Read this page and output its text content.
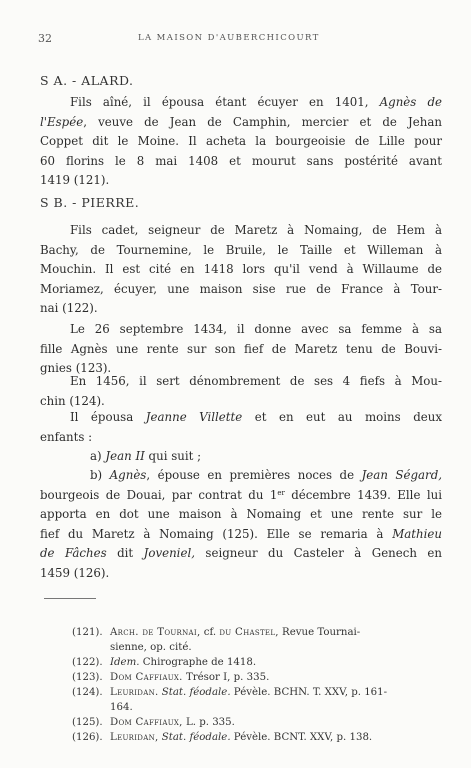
32	LA MAISON D'AUBERCHICOURT
S A. - ALARD.
Fils aîné, il épousa étant écuyer en 1401, Agnès de
l'Espée, veuve de Jean de Camphin, mercier et de Jehan
Coppet dit le Moine. Il acheta la bourgeoisie de Lille pour
60 florins le 8 mai 1408 et mourut sans postérité avant
1419 (121).
S B. - PIERRE.
Fils cadet, seigneur de Maretz à Nomaing, de Hem à
Bachy, de Tournemine, le Bruile, le Taille et Willeman à
Mouchin. Il est cité en 1418 lors qu'il vend à Willaume de
Moriamez, écuyer, une maison sise rue de France à Tour-
nai (122).
Le 26 septembre 1434, il donne avec sa femme à sa
fille Agnès une rente sur son fief de Maretz tenu de Bouvi-
gnies (123).
En 1456, il sert dénombrement de ses 4 fiefs à Mou-
chin (124).
Il épousa Jeanne Villette et en eut au moins deux
enfants :
a) Jean II qui suit ;
b) Agnès, épouse en premières noces de Jean Ségard,
bourgeois de Douai, par contrat du 1er décembre 1439. Elle lui
apporta en dot une maison à Nomaing et une rente sur le
fief du Maretz à Nomaing (125). Elle se remaria à Mathieu
de Fâches dit Joveniel, seigneur du Casteler à Genech en
1459 (126).
(121). Arch. de Tournai, cf. du Chastel, Revue Tournai-
sienne, op. cité.
(122). Idem. Chirographe de 1418.
(123). Dom Caffiaux. Trésor I, p. 335.
(124). Leuridan. Stat. féodale. Pévèle. BCHN. T. XXV, p. 161-
164.
(125). Dom Caffiaux, L. p. 335.
(126). Leuridan, Stat. féodale. Pévèle. BCNT. XXV, p. 138.
